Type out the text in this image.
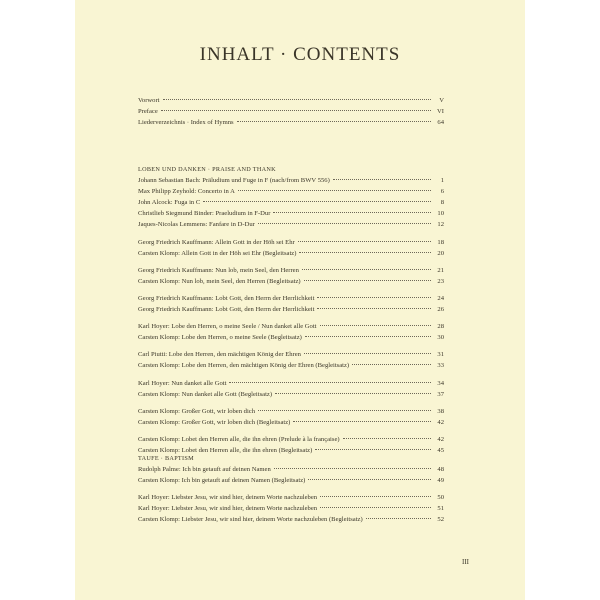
INHALT · CONTENTS
Vorwort	V
Preface	VI
Liederverzeichnis · Index of Hymns	64
LOBEN UND DANKEN · PRAISE AND THANK
Johann Sebastian Bach: Präludium und Fuge in F (nach/from BWV 556)	1
Max Philipp Zeyhold: Concerto in A	6
John Alcock: Fuga in C	8
Christlieb Siegmund Binder: Praeludium in F-Dur	10
Jaques-Nicolas Lemmens: Fanfare in D-Dur	12
Georg Friedrich Kauffmann: Allein Gott in der Höh sei Ehr	18
Carsten Klomp: Allein Gott in der Höh sei Ehr (Begleitsatz)	20
Georg Friedrich Kauffmann: Nun lob, mein Seel, den Herren	21
Carsten Klomp: Nun lob, mein Seel, den Herren (Begleitsatz)	23
Georg Friedrich Kauffmann: Lobt Gott, den Herrn der Herrlichkeit	24
Georg Friedrich Kauffmann: Lobt Gott, den Herrn der Herrlichkeit	26
Karl Hoyer: Lobe den Herren, o meine Seele / Nun danket alle Gott	28
Carsten Klomp: Lobe den Herren, o meine Seele (Begleitsatz)	30
Carl Piutti: Lobe den Herren, den mächtigen König der Ehren	31
Carsten Klomp: Lobe den Herren, den mächtigen König der Ehren (Begleitsatz)	33
Karl Hoyer: Nun danket alle Gott	34
Carsten Klomp: Nun danket alle Gott (Begleitsatz)	37
Carsten Klomp: Großer Gott, wir loben dich	38
Carsten Klomp: Großer Gott, wir loben dich (Begleitsatz)	42
Carsten Klomp: Lobet den Herren alle, die ihn ehren (Prelude à la française)	42
Carsten Klomp: Lobet den Herren alle, die ihn ehren (Begleitsatz)	45
TAUFE · BAPTISM
Rudolph Palme: Ich bin getauft auf deinen Namen	48
Carsten Klomp: Ich bin getauft auf deinen Namen (Begleitsatz)	49
Karl Hoyer: Liebster Jesu, wir sind hier, deinem Worte nachzuleben	50
Karl Hoyer: Liebster Jesu, wir sind hier, deinem Worte nachzuleben	51
Carsten Klomp: Liebster Jesu, wir sind hier, deinem Worte nachzuleben (Begleitsatz)	52
III
